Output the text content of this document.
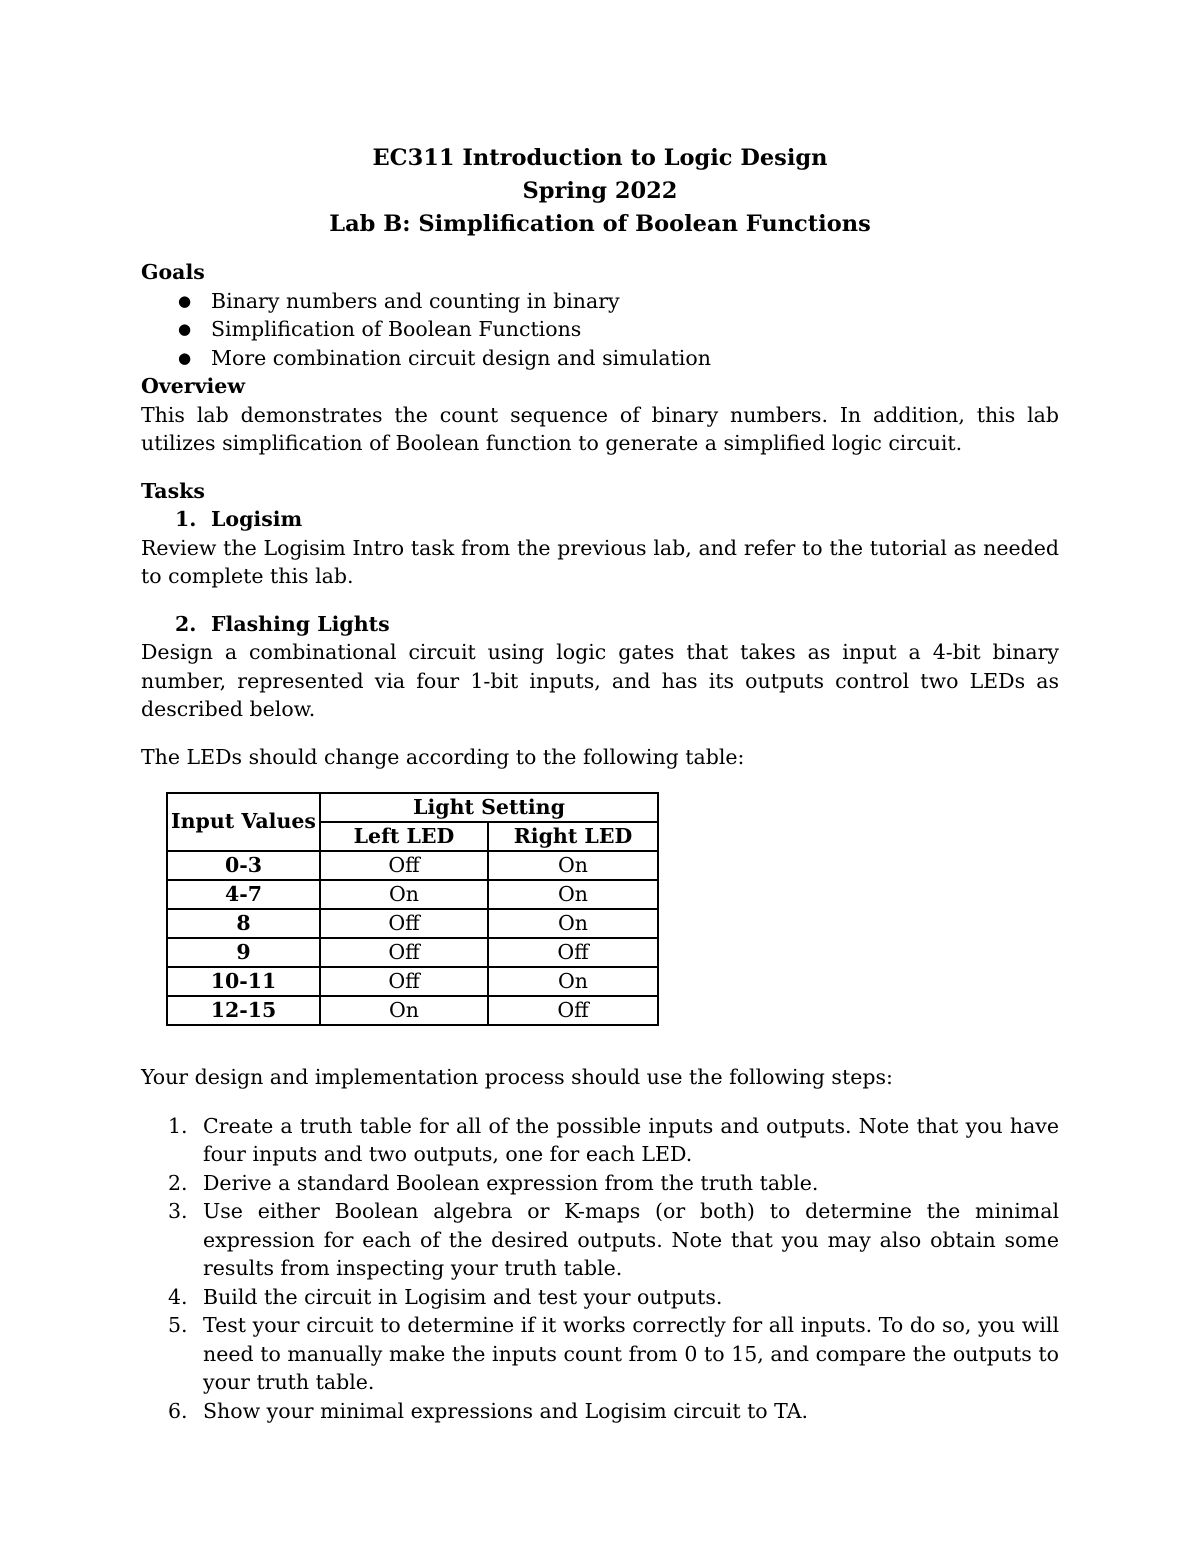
EC311 Introduction to Logic Design
Spring 2022
Lab B: Simplification of Boolean Functions
Goals
● Binary numbers and counting in binary
● Simplification of Boolean Functions
● More combination circuit design and simulation
Overview

This lab demonstrates the count sequence of binary numbers. In addition, this lab utilizes simplification of Boolean function to generate a simplified logic circuit.

Tasks
1. Logisim

Review the Logisim Intro task from the previous lab, and refer to the tutorial as needed to complete this lab.

2. Flashing Lights

Design a combinational circuit using logic gates that takes as input a 4-bit binary number, represented via four 1-bit inputs, and has its outputs control two LEDs as described below.

The LEDs should change according to the following table:

Input Values	Light Setting	
	Left LED	Right LED
0-3	Off	On
4-7	On	On
8	Off	On
9	Off	Off
10-11	Off	On
12-15	On	Off

Your design and implementation process should use the following steps:

1. Create a truth table for all of the possible inputs and outputs. Note that you have four inputs and two outputs, one for each LED.
2. Derive a standard Boolean expression from the truth table.
3. Use either Boolean algebra or K-maps (or both) to determine the minimal expression for each of the desired outputs. Note that you may also obtain some results from inspecting your truth table.
4. Build the circuit in Logisim and test your outputs.
5. Test your circuit to determine if it works correctly for all inputs. To do so, you will need to manually make the inputs count from 0 to 15, and compare the outputs to your truth table.
6. Show your minimal expressions and Logisim circuit to TA.
